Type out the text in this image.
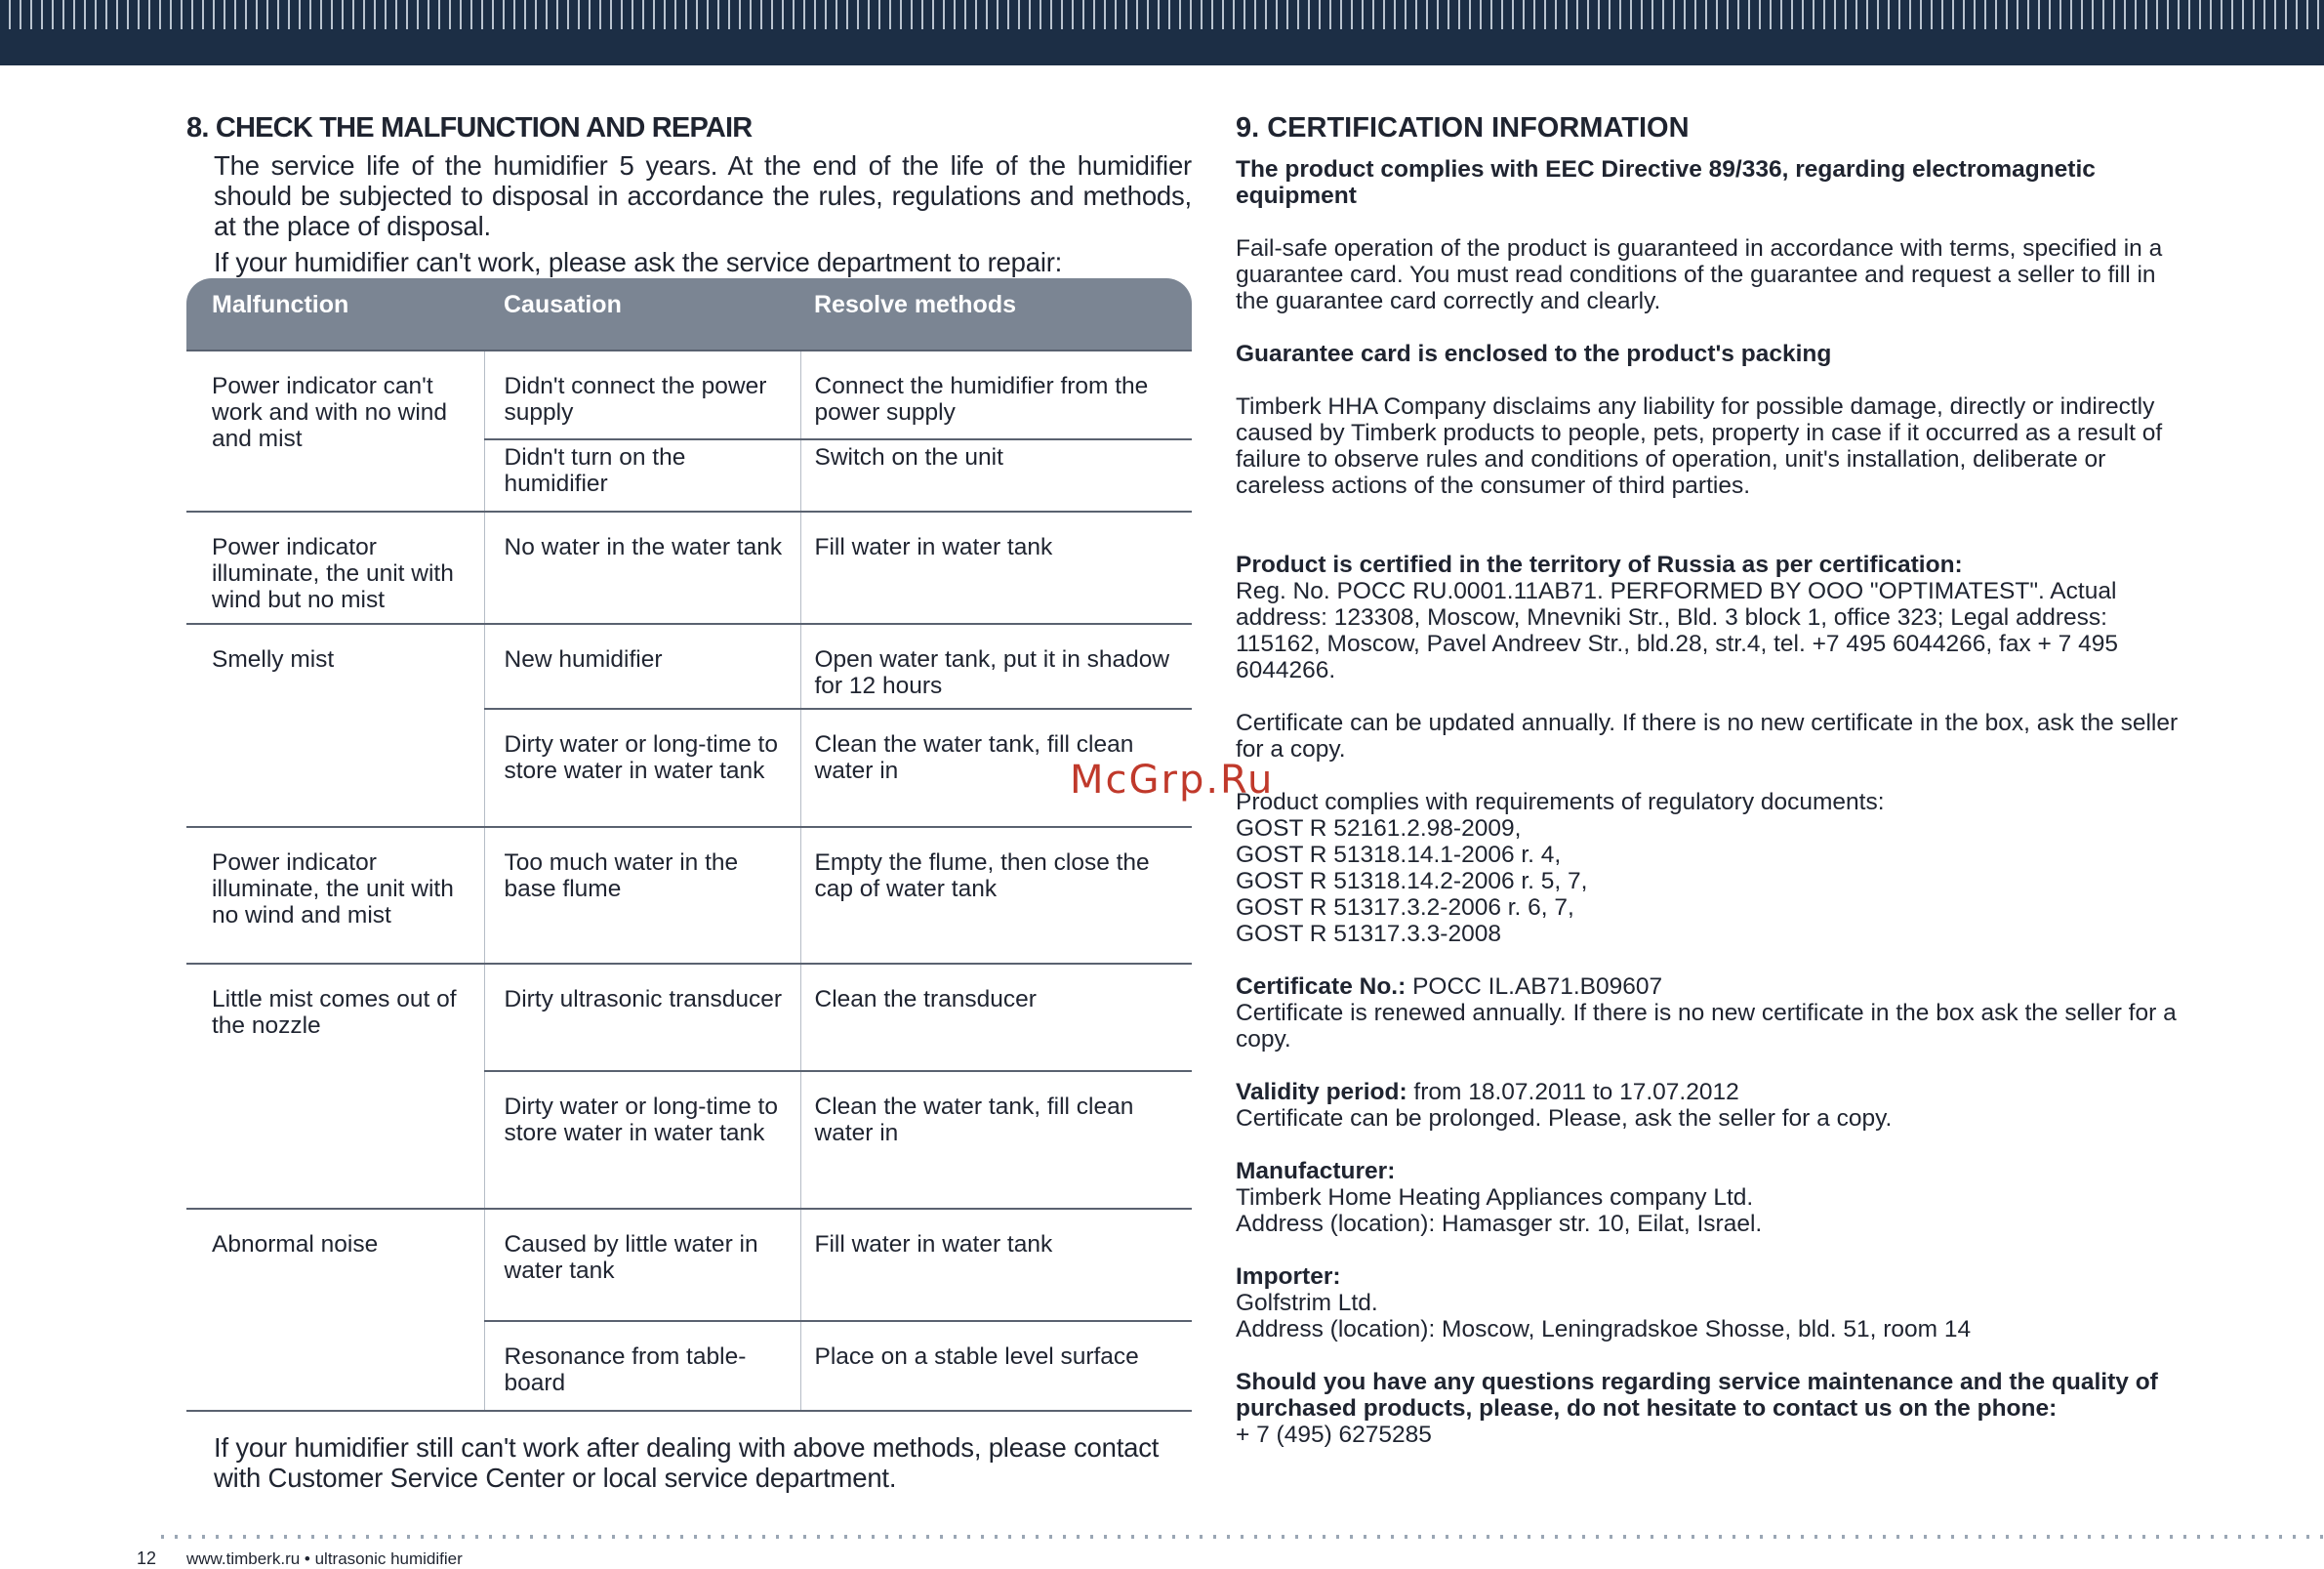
8. CHECK THE MALFUNCTION AND REPAIR

The service life of the humidifier 5 years. At the end of the life of the humidifier should be subjected to disposal in accordance the rules, regulations and methods, at the place of disposal.

If your humidifier can't work, please ask the service department to repair:

Malfunction	Causation	Resolve methods
Power indicator can't work and with no wind and mist	Didn't connect the power supply	Connect the humidifier from the power supply
	Didn't turn on the humidifier	Switch on the unit
Power indicator illuminate, the unit with wind but no mist	No water in the water tank	Fill water in water tank
Smelly mist	New humidifier	Open water tank, put it in shadow for 12 hours
	Dirty water or long-time to store water in water tank	Clean the water tank, fill clean water in
Power indicator illuminate, the unit with no wind and mist	Too much water in the base flume	Empty the flume, then close the cap of water tank
Little mist comes out of the nozzle	Dirty ultrasonic transducer	Clean the transducer
	Dirty water or long-time to store water in water tank	Clean the water tank, fill clean water in
Abnormal noise	Caused by little water in water tank	Fill water in water tank
	Resonance from table-board	Place on a stable level surface
If your humidifier still can't work after dealing with above methods, please contact with Customer Service Center or local service department.
9. CERTIFICATION INFORMATION

The product complies with EEC Directive 89/336, regarding electromagnetic equipment

Fail-safe operation of the product is guaranteed in accordance with terms, specified in a guarantee card. You must read conditions of the guarantee and request a seller to fill in the guarantee card correctly and clearly.

Guarantee card is enclosed to the product's packing

Timberk HHA Company disclaims any liability for possible damage, directly or indirectly caused by Timberk products to people, pets, property in case if it occurred as a result of failure to observe rules and conditions of operation, unit's installation, deliberate or careless actions of the consumer of third parties.

Product is certified in the territory of Russia as per certification:

Reg. No. POCC RU.0001.11AB71. PERFORMED BY OOO "OPTIMATEST". Actual address: 123308, Moscow, Mnevniki Str., Bld. 3 block 1, office 323; Legal address: 115162, Moscow, Pavel Andreev Str., bld.28, str.4, tel. +7 495 6044266, fax + 7 495 6044266.

Certificate can be updated annually. If there is no new certificate in the box, ask the seller for a copy.

Product complies with requirements of regulatory documents:

GOST R 52161.2.98-2009,

GOST R 51318.14.1-2006 r. 4,

GOST R 51318.14.2-2006 r. 5, 7,

GOST R 51317.3.2-2006 r. 6, 7,

GOST R 51317.3.3-2008

Certificate No.: POCC IL.AB71.B09607

Certificate is renewed annually. If there is no new certificate in the box ask the seller for a copy.

Validity period: from 18.07.2011 to 17.07.2012

Certificate can be prolonged. Please, ask the seller for a copy.

Manufacturer:

Timberk Home Heating Appliances company Ltd.

Address (location): Hamasger str. 10, Eilat, Israel.

Importer:

Golfstrim Ltd.

Address (location): Moscow, Leningradskoe Shosse, bld. 51, room 14

Should you have any questions regarding service maintenance and the quality of purchased products, please, do not hesitate to contact us on the phone:

+ 7 (495) 6275285

McGrp.Ru
12 www.timberk.ru • ultrasonic humidifier
